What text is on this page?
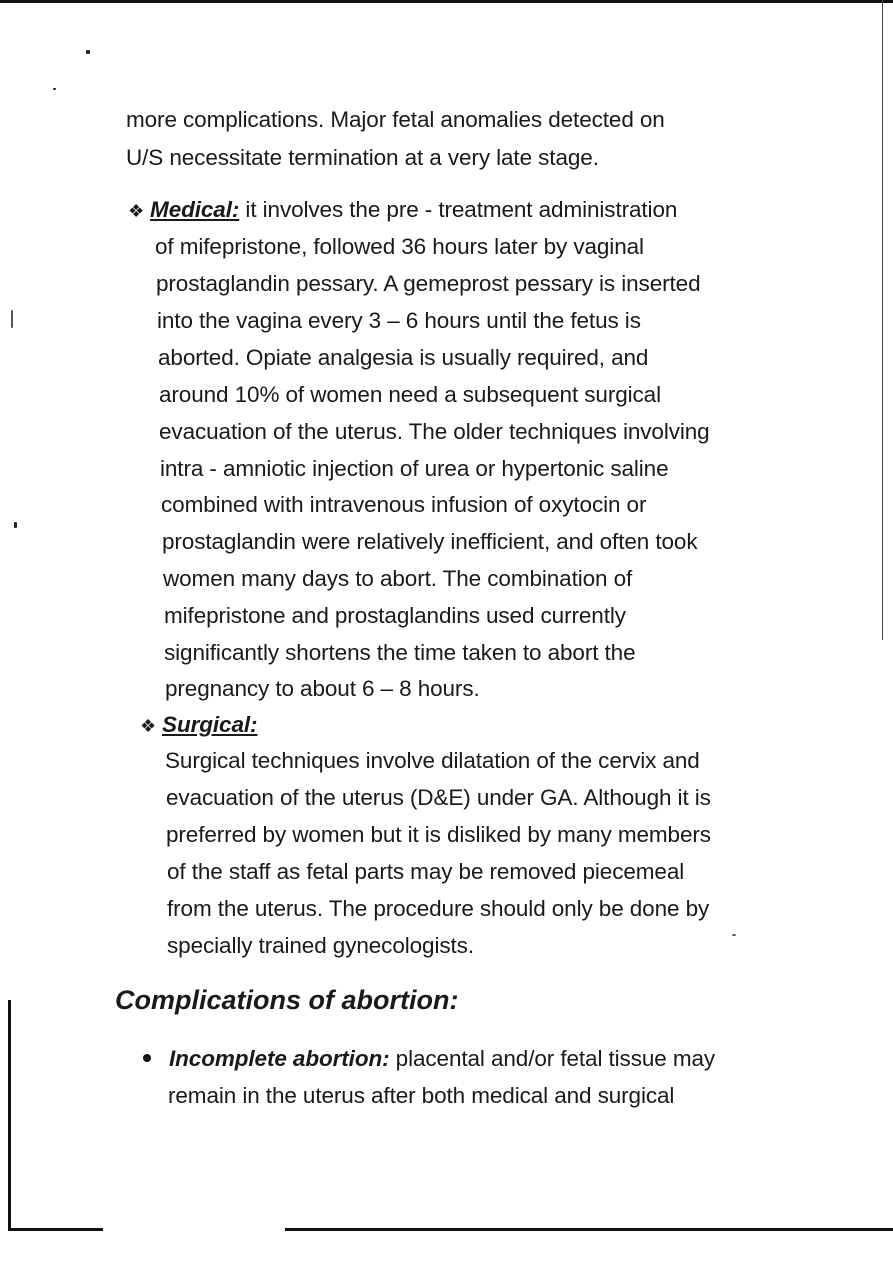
more complications. Major fetal anomalies detected on
U/S necessitate termination at a very late stage.
❖ Medical: it involves the pre - treatment administration
of mifepristone, followed 36 hours later by vaginal
prostaglandin pessary. A gemeprost pessary is inserted
into the vagina every 3 – 6 hours until the fetus is
aborted. Opiate analgesia is usually required, and
around 10% of women need a subsequent surgical
evacuation of the uterus. The older techniques involving
intra - amniotic injection of urea or hypertonic saline
combined with intravenous infusion of oxytocin or
prostaglandin were relatively inefficient, and often took
women many days to abort. The combination of
mifepristone and prostaglandins used currently
significantly shortens the time taken to abort the
pregnancy to about 6 – 8 hours.
❖ Surgical:
Surgical techniques involve dilatation of the cervix and
evacuation of the uterus (D&E) under GA. Although it is
preferred by women but it is disliked by many members
of the staff as fetal parts may be removed piecemeal
from the uterus. The procedure should only be done by
specially trained gynecologists.
Complications of abortion:
Incomplete abortion: placental and/or fetal tissue may
remain in the uterus after both medical and surgical
